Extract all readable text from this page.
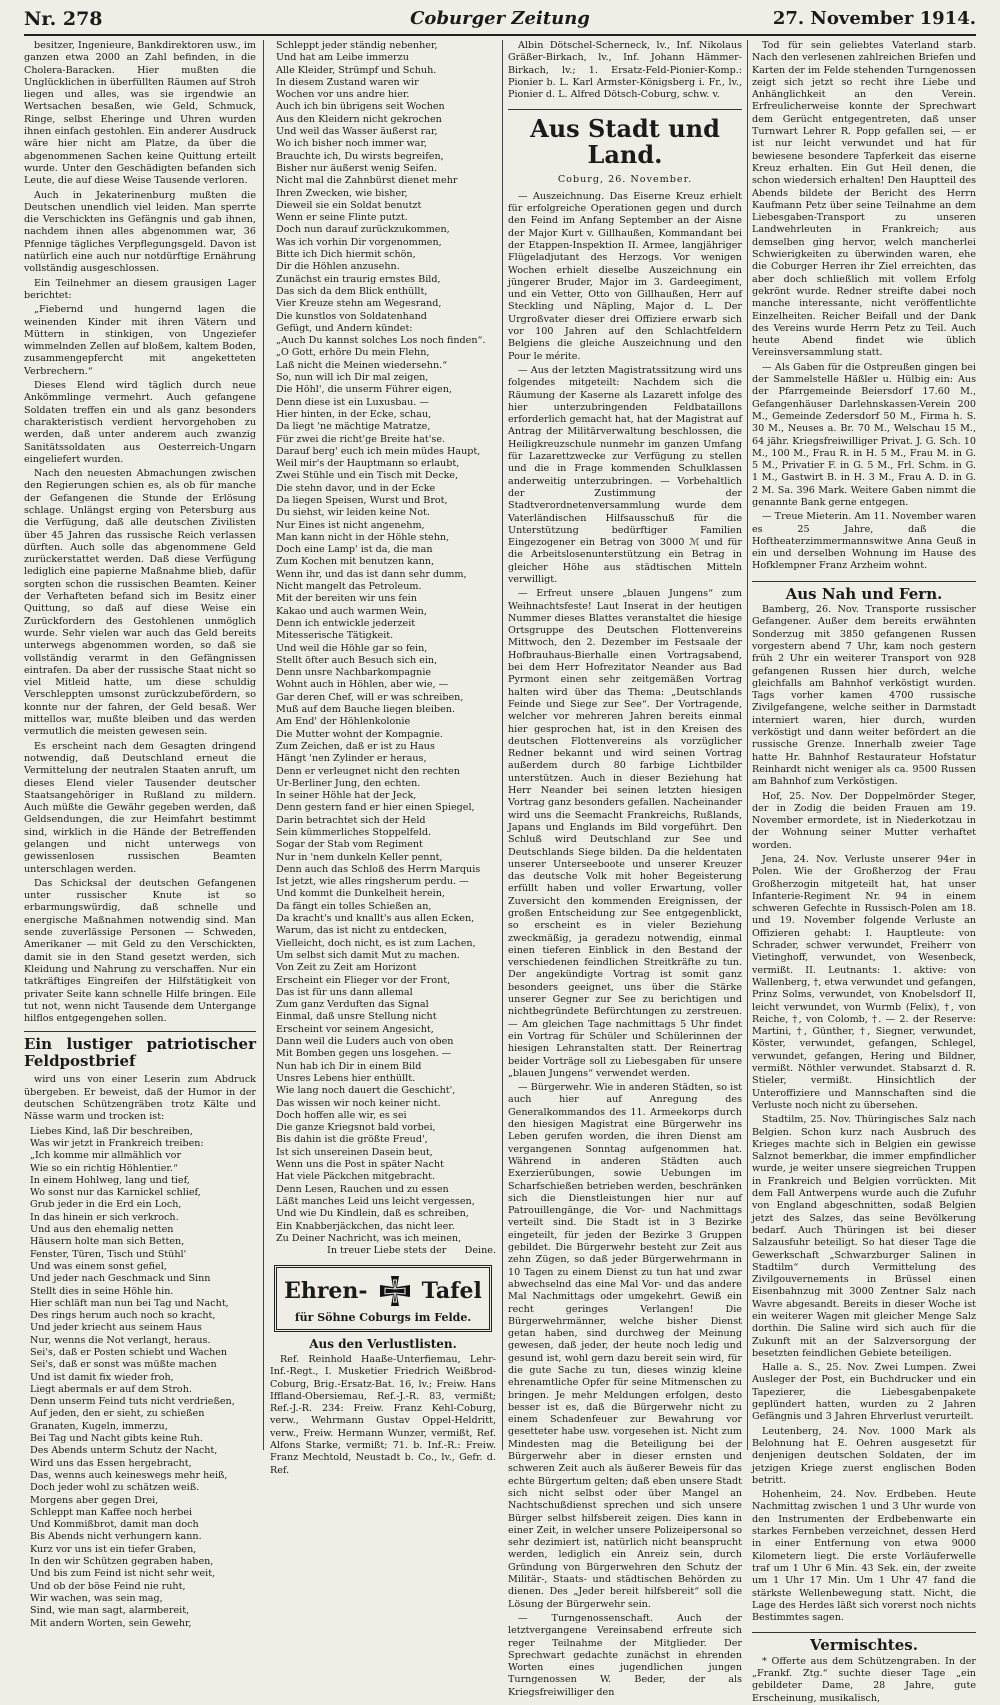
Nr. 278	Coburger Zeitung	27. November 1914.

besitzer, Ingenieure, Bankdirektoren usw., im ganzen etwa 2000 an Zahl befinden, in die Cholera-Baracken. Hier mußten die Unglücklichen in überfüllten Räumen auf Stroh liegen und alles, was sie irgendwie an Wertsachen besaßen, wie Geld, Schmuck, Ringe, selbst Eheringe und Uhren wurden ihnen einfach gestohlen. Ein anderer Ausdruck wäre hier nicht am Platze, da über die abgenommenen Sachen keine Quittung erteilt wurde. Unter den Geschädigten befanden sich Leute, die auf diese Weise Tausende verloren.

Auch in Jekaterinenburg mußten die Deutschen unendlich viel leiden. Man sperrte die Verschickten ins Gefängnis und gab ihnen, nachdem ihnen alles abgenommen war, 36 Pfennige tägliches Verpflegungsgeld. Davon ist natürlich eine auch nur notdürftige Ernährung vollständig ausgeschlossen.

Ein Teilnehmer an diesem grausigen Lager berichtet:

„Fiebernd und hungernd lagen die weinenden Kinder mit ihren Vätern und Müttern in stinkigen, von Ungeziefer wimmelnden Zellen auf bloßem, kaltem Boden, zusammengepfercht mit angeketteten Verbrechern.“

Dieses Elend wird täglich durch neue Ankömmlinge vermehrt. Auch gefangene Soldaten treffen ein und als ganz besonders charakteristisch verdient hervorgehoben zu werden, daß unter anderem auch zwanzig Sanitätssoldaten aus Oesterreich-Ungarn eingeliefert wurden.

Nach den neuesten Abmachungen zwischen den Regierungen schien es, als ob für manche der Gefangenen die Stunde der Erlösung schlage. Unlängst erging von Petersburg aus die Verfügung, daß alle deutschen Zivilisten über 45 Jahren das russische Reich verlassen dürften. Auch solle das abgenommene Geld zurückerstattet werden. Daß diese Verfügung lediglich eine papierne Maßnahme blieb, dafür sorgten schon die russischen Beamten. Keiner der Verhafteten befand sich im Besitz einer Quittung, so daß auf diese Weise ein Zurückfordern des Gestohlenen unmöglich wurde. Sehr vielen war auch das Geld bereits unterwegs abgenommen worden, so daß sie vollständig verarmt in den Gefängnissen eintrafen. Da aber der russische Staat nicht so viel Mitleid hatte, um diese schuldig Verschleppten umsonst zurückzubefördern, so konnte nur der fahren, der Geld besaß. Wer mittellos war, mußte bleiben und das werden vermutlich die meisten gewesen sein.

Es erscheint nach dem Gesagten dringend notwendig, daß Deutschland erneut die Vermittelung der neutralen Staaten anruft, um dieses Elend vieler Tausender deutscher Staatsangehöriger in Rußland zu mildern. Auch müßte die Gewähr gegeben werden, daß Geldsendungen, die zur Heimfahrt bestimmt sind, wirklich in die Hände der Betreffenden gelangen und nicht unterwegs von gewissenlosen russischen Beamten unterschlagen werden.

Das Schicksal der deutschen Gefangenen unter russischer Knute ist so erbarmungswürdig, daß schnelle und energische Maßnahmen notwendig sind. Man sende zuverlässige Personen — Schweden, Amerikaner — mit Geld zu den Verschickten, damit sie in den Stand gesetzt werden, sich Kleidung und Nahrung zu verschaffen. Nur ein tatkräftiges Eingreifen der Hilfstätigkeit von privater Seite kann schnelle Hilfe bringen. Eile tut not, wenn nicht Tausende dem Untergange hilflos entgegengehen sollen.

Ein lustiger patriotischer Feldpostbrief

wird uns von einer Leserin zum Abdruck übergeben. Er beweist, daß der Humor in der deutschen Schützengräben trotz Kälte und Nässe warm und trocken ist:

Liebes Kind, laß Dir beschreiben,

Was wir jetzt in Frankreich treiben:

„Ich komme mir allmählich vor

Wie so ein richtig Höhlentier.“

In einem Hohlweg, lang und tief,

Wo sonst nur das Karnickel schlief,

Grub jeder in die Erd ein Loch,

In das hinein er sich verkroch.

Und aus den ehemalig netten

Häusern holte man sich Betten,

Fenster, Türen, Tisch und Stühl'

Und was einem sonst gefiel,

Und jeder nach Geschmack und Sinn

Stellt dies in seine Höhle hin.

Hier schläft man nun bei Tag und Nacht,

Des rings herum auch noch so kracht,

Und jeder kriecht aus seinem Haus

Nur, wenns die Not verlangt, heraus.

Sei's, daß er Posten schiebt und Wachen

Sei's, daß er sonst was müßte machen

Und ist damit fix wieder froh,

Liegt abermals er auf dem Stroh.

Denn unserm Feind tuts nicht verdrießen,

Auf jeden, den er sieht, zu schießen

Granaten, Kugeln, immerzu,

Bei Tag und Nacht gibts keine Ruh.

Des Abends unterm Schutz der Nacht,

Wird uns das Essen hergebracht,

Das, wenns auch keineswegs mehr heiß,

Doch jeder wohl zu schätzen weiß.

Morgens aber gegen Drei,

Schleppt man Kaffee noch herbei

Und Kommißbrot, damit man doch

Bis Abends nicht verhungern kann.

Kurz vor uns ist ein tiefer Graben,

In den wir Schützen gegraben haben,

Und bis zum Feind ist nicht sehr weit,

Und ob der böse Feind nie ruht,

Wir wachen, was sein mag,

Sind, wie man sagt, alarmbereit,

Mit andern Worten, sein Gewehr,

Schleppt jeder ständig nebenher,

Und hat am Leibe immerzu

Alle Kleider, Strümpf und Schuh.

In diesem Zustand waren wir

Wochen vor uns andre hier.

Auch ich bin übrigens seit Wochen

Aus den Kleidern nicht gekrochen

Und weil das Wasser äußerst rar,

Wo ich bisher noch immer war,

Brauchte ich, Du wirsts begreifen,

Bisher nur äußerst wenig Seifen.

Nicht mal die Zahnbürst dienet mehr

Ihren Zwecken, wie bisher,

Dieweil sie ein Soldat benutzt

Wenn er seine Flinte putzt.

Doch nun darauf zurückzukommen,

Was ich vorhin Dir vorgenommen,

Bitte ich Dich hiermit schön,

Dir die Höhlen anzusehn.

Zunächst ein traurig ernstes Bild,

Das sich da dem Blick enthüllt,

Vier Kreuze stehn am Wegesrand,

Die kunstlos von Soldatenhand

Gefügt, und Andern kündet:

„Auch Du kannst solches Los noch finden“.

„O Gott, erhöre Du mein Flehn,

Laß nicht die Meinen wiedersehn.“

So, nun will ich Dir mal zeigen,

Die Höhl', die unserm Führer eigen,

Denn diese ist ein Luxusbau. —

Hier hinten, in der Ecke, schau,

Da liegt 'ne mächtige Matratze,

Für zwei die richt'ge Breite hat'se.

Darauf berg' euch ich mein müdes Haupt,

Weil mir's der Hauptmann so erlaubt,

Zwei Stühle und ein Tisch mit Decke,

Die stehn davor, und in der Ecke

Da liegen Speisen, Wurst und Brot,

Du siehst, wir leiden keine Not.

Nur Eines ist nicht angenehm,

Man kann nicht in der Höhle stehn,

Doch eine Lamp' ist da, die man

Zum Kochen mit benutzen kann,

Wenn ihr, und das ist dann sehr dumm,

Nicht mangelt das Petroleum.

Mit der bereiten wir uns fein

Kakao und auch warmen Wein,

Denn ich entwickle jederzeit

Mitesserische Tätigkeit.

Und weil die Höhle gar so fein,

Stellt öfter auch Besuch sich ein,

Denn unsre Nachbarkompagnie

Wohnt auch in Höhlen, aber wie, —

Gar deren Chef, will er was schreiben,

Muß auf dem Bauche liegen bleiben.

Am End' der Höhlenkolonie

Die Mutter wohnt der Kompagnie.

Zum Zeichen, daß er ist zu Haus

Hängt 'nen Zylinder er heraus,

Denn er verleugnet nicht den rechten

Ur-Berliner Jung, den echten.

In seiner Höhle hat der Jeck,

Denn gestern fand er hier einen Spiegel,

Darin betrachtet sich der Held

Sein kümmerliches Stoppelfeld.

Sogar der Stab vom Regiment

Nur in 'nem dunkeln Keller pennt,

Denn auch das Schloß des Herrn Marquis

Ist jetzt, wie alles ringsherum perdu. —

Und kommt die Dunkelheit herein,

Da fängt ein tolles Schießen an,

Da kracht's und knallt's aus allen Ecken,

Warum, das ist nicht zu entdecken,

Vielleicht, doch nicht, es ist zum Lachen,

Um selbst sich damit Mut zu machen.

Von Zeit zu Zeit am Horizont

Erscheint ein Flieger vor der Front,

Das ist für uns dann allemal

Zum ganz Verduften das Signal

Einmal, daß unsre Stellung nicht

Erscheint vor seinem Angesicht,

Dann weil die Luders auch von oben

Mit Bomben gegen uns losgehen. —

Nun hab ich Dir in einem Bild

Unsres Lebens hier enthüllt.

Wie lang noch dauert die Geschicht',

Das wissen wir noch keiner nicht.

Doch hoffen alle wir, es sei

Die ganze Kriegsnot bald vorbei,

Bis dahin ist die größte Freud',

Ist sich unsereinen Dasein beut,

Wenn uns die Post in später Nacht

Hat viele Päckchen mitgebracht.

Denn Lesen, Rauchen und zu essen

Läßt manches Leid uns leicht vergessen,

Und wie Du Kindlein, daß es schreiben,

Ein Knabberjäckchen, das nicht leer.

Zu Deiner Nachricht, was ich meinen,

In treuer Liebe stets der Deine.

Ehren- Tafel
für Söhne Coburgs im Felde.
Aus den Verlustlisten.

Ref. Reinhold Haaße-Unterfiemau, Lehr-Inf.-Regt., I. Musketier Friedrich Weißbrod-Coburg, Brig.-Ersatz-Bat. 16, lv.; Freiw. Hans Iffland-Obersiemau, Ref.-J.-R. 83, vermißt; Ref.-J.-R. 234: Freiw. Franz Kehl-Coburg, verw., Wehrmann Gustav Oppel-Heldritt, verw., Freiw. Hermann Wunzer, vermißt, Ref. Alfons Starke, vermißt; 71. b. Inf.-R.: Freiw. Franz Mechtold, Neustadt b. Co., lv., Gefr. d. Ref.

Albin Dötschel-Scherneck, lv., Inf. Nikolaus Gräßer-Birkach, lv., Inf. Johann Hämmer-Birkach, lv.; 1. Ersatz-Feld-Pionier-Komp.: Pionier b. L. Karl Armster-Königsberg i. Fr., lv., Pionier d. L. Alfred Dötsch-Coburg, schw. v.

Aus Stadt und Land.

Coburg, 26. November.

— Auszeichnung. Das Eiserne Kreuz erhielt für erfolgreiche Operationen gegen und durch den Feind im Anfang September an der Aisne der Major Kurt v. Gillhaußen, Kommandant bei der Etappen-Inspektion II. Armee, langjähriger Flügeladjutant des Herzogs. Vor wenigen Wochen erhielt dieselbe Auszeichnung ein jüngerer Bruder, Major im 3. Gardeegiment, und ein Vetter, Otto von Gillhaußen, Herr auf Steckling und Näpling, Major d. L. Der Urgroßvater dieser drei Offiziere erwarb sich vor 100 Jahren auf den Schlachtfeldern Belgiens die gleiche Auszeichnung und den Pour le mérite.

— Aus der letzten Magistratssitzung wird uns folgendes mitgeteilt: Nachdem sich die Räumung der Kaserne als Lazarett infolge des hier unterzubringenden Feldbataillons erforderlich gemacht hat, hat der Magistrat auf Antrag der Militärverwaltung beschlossen, die Heiligkreuzschule nunmehr im ganzen Umfang für Lazarettzwecke zur Verfügung zu stellen und die in Frage kommenden Schulklassen anderweitig unterzubringen. — Vorbehaltlich der Zustimmung der Stadtverordnetenversammlung wurde dem Vaterländischen Hilfsausschuß für die Unterstützung bedürftiger Familien Eingezogener ein Betrag von 3000 ℳ und für die Arbeitslosenunterstützung ein Betrag in gleicher Höhe aus städtischen Mitteln verwilligt.

— Erfreut unsere „blauen Jungens“ zum Weihnachtsfeste! Laut Inserat in der heutigen Nummer dieses Blattes veranstaltet die hiesige Ortsgruppe des Deutschen Flottenvereins Mittwoch, den 2. Dezember im Festsaale der Hofbrauhaus-Bierhalle einen Vortragsabend, bei dem Herr Hofrezitator Neander aus Bad Pyrmont einen sehr zeitgemäßen Vortrag halten wird über das Thema: „Deutschlands Feinde und Siege zur See“. Der Vortragende, welcher vor mehreren Jahren bereits einmal hier gesprochen hat, ist in den Kreisen des deutschen Flottenvereins als vorzüglicher Redner bekannt und wird seinen Vortrag außerdem durch 80 farbige Lichtbilder unterstützen. Auch in dieser Beziehung hat Herr Neander bei seinen letzten hiesigen Vortrag ganz besonders gefallen. Nacheinander wird uns die Seemacht Frankreichs, Rußlands, Japans und Englands im Bild vorgeführt. Den Schluß wird Deutschland zur See und Deutschlands Siege bilden. Da die heldentaten unserer Unterseeboote und unserer Kreuzer das deutsche Volk mit hoher Begeisterung erfüllt haben und voller Erwartung, voller Zuversicht den kommenden Ereignissen, der großen Entscheidung zur See entgegenblickt, so erscheint es in vieler Beziehung zweckmäßig, ja geradezu notwendig, einmal einen tieferen Einblick in den Bestand der verschiedenen feindlichen Streitkräfte zu tun. Der angekündigte Vortrag ist somit ganz besonders geeignet, uns über die Stärke unserer Gegner zur See zu berichtigen und nichtbegründete Befürchtungen zu zerstreuen. — Am gleichen Tage nachmittags 5 Uhr findet ein Vortrag für Schüler und Schülerinnen der hiesigen Lehranstalten statt. Der Reinertrag beider Vorträge soll zu Liebesgaben für unsere „blauen Jungens“ verwendet werden.

— Bürgerwehr. Wie in anderen Städten, so ist auch hier auf Anregung des Generalkommandos des 11. Armeekorps durch den hiesigen Magistrat eine Bürgerwehr ins Leben gerufen worden, die ihren Dienst am vergangenen Sonntag aufgenommen hat. Während in anderen Städten auch Exerzierübungen, sowie Uebungen im Scharfschießen betrieben werden, beschränken sich die Dienstleistungen hier nur auf Patrouillengänge, die Vor- und Nachmittags verteilt sind. Die Stadt ist in 3 Bezirke eingeteilt, für jeden der Bezirke 3 Gruppen gebildet. Die Bürgerwehr besteht zur Zeit aus zehn Zügen, so daß jeder Bürgerwehrmann in 10 Tagen zu einem Dienst zu tun hat und zwar abwechselnd das eine Mal Vor- und das andere Mal Nachmittags oder umgekehrt. Gewiß ein recht geringes Verlangen! Die Bürgerwehrmänner, welche bisher Dienst getan haben, sind durchweg der Meinung gewesen, daß jeder, der heute noch ledig und gesund ist, wohl gern dazu bereit sein wird, für die gute Sache zu tun, dieses winzig kleine ehrenamtliche Opfer für seine Mitmenschen zu bringen. Je mehr Meldungen erfolgen, desto besser ist es, daß die Bürgerwehr nicht zu einem Schadenfeuer zur Bewahrung vor gesetteter habe usw. vorgesehen ist. Nicht zum Mindesten mag die Beteiligung bei der Bürgerwehr aber in dieser ernsten und schweren Zeit auch als äußerer Beweis für das echte Bürgertum gelten; daß eben unsere Stadt sich nicht selbst oder über Mangel an Nachtschußdienst sprechen und sich unsere Bürger selbst hilfsbereit zeigen. Dies kann in einer Zeit, in welcher unsere Polizeipersonal so sehr dezimiert ist, natürlich nicht beansprucht werden, lediglich ein Anreiz sein, durch Gründung von Bürgerwehren den Schutz der Militär-, Staats- und städtischen Behörden zu dienen. Des „Jeder bereit hilfsbereit“ soll die Lösung der Bürgerwehr sein.

— Turngenossenschaft. Auch der letztvergangene Vereinsabend erfreute sich reger Teilnahme der Mitglieder. Der Sprechwart gedachte zunächst in ehrenden Worten eines jugendlichen jungen Turngenossen W. Beder, der als Kriegsfreiwilliger den

Tod für sein geliebtes Vaterland starb. Nach den verlesenen zahlreichen Briefen und Karten der im Felde stehenden Turngenossen zeigt sich jetzt so recht ihre Liebe und Anhänglichkeit an den Verein. Erfreulicherweise konnte der Sprechwart dem Gerücht entgegentreten, daß unser Turnwart Lehrer R. Popp gefallen sei, — er ist nur leicht verwundet und hat für bewiesene besondere Tapferkeit das eiserne Kreuz erhalten. Ein Gut Heil denen, die schon wiedersich erhalten! Den Hauptteil des Abends bildete der Bericht des Herrn Kaufmann Petz über seine Teilnahme an dem Liebesgaben-Transport zu unseren Landwehrleuten in Frankreich; aus demselben ging hervor, welch mancherlei Schwierigkeiten zu überwinden waren, ehe die Coburger Herren ihr Ziel erreichten, das aber doch schließlich mit vollem Erfolg gekrönt wurde. Redner streifte dabei noch manche interessante, nicht veröffentlichte Einzelheiten. Reicher Beifall und der Dank des Vereins wurde Herrn Petz zu Teil. Auch heute Abend findet wie üblich Vereinsversammlung statt.

— Als Gaben für die Ostpreußen gingen bei der Sammelstelle Häßler u. Hülbig ein: Aus der Pfarrgemeinde Beiersdorf 17.60 M., Gefangenhäuser Darlehnskassen-Verein 200 M., Gemeinde Zedersdorf 50 M., Firma h. S. 30 M., Neuses a. Br. 70 M., Welschau 15 M., 64 jähr. Kriegsfreiwilliger Privat. J. G. Sch. 10 M., 100 M., Frau R. in H. 5 M., Frau M. in G. 5 M., Privatier F. in G. 5 M., Frl. Schm. in G. 1 M., Gastwirt B. in H. 3 M., Frau A. D. in G. 2 M. Sa. 396 Mark. Weitere Gaben nimmt die genannte Bank gerne entgegen.

— Treue Mieterin. Am 11. November waren es 25 Jahre, daß die Hoftheaterzimmermannswitwe Anna Geuß in ein und derselben Wohnung im Hause des Hofklempner Franz Arzheim wohnt.

Aus Nah und Fern.

Bamberg, 26. Nov. Transporte russischer Gefangener. Außer dem bereits erwähnten Sonderzug mit 3850 gefangenen Russen vorgestern abend 7 Uhr, kam noch gestern früh 2 Uhr ein weiterer Transport von 928 gefangenen Russen hier durch, welche gleichfalls am Bahnhof verköstigt wurden. Tags vorher kamen 4700 russische Zivilgefangene, welche seither in Darmstadt interniert waren, hier durch, wurden verköstigt und dann weiter befördert an die russische Grenze. Innerhalb zweier Tage hatte Hr. Bahnhof Restaurateur Hofstatur Reinhardt nicht weniger als ca. 9500 Russen am Bahnhof zum Verköstigen.

Hof, 25. Nov. Der Doppelmörder Steger, der in Zodig die beiden Frauen am 19. November ermordete, ist in Niederkotzau in der Wohnung seiner Mutter verhaftet worden.

Jena, 24. Nov. Verluste unserer 94er in Polen. Wie der Großherzog der Frau Großherzogin mitgeteilt hat, hat unser Infanterie-Regiment Nr. 94 in einem schweren Gefechte in Russisch-Polen am 18. und 19. November folgende Verluste an Offizieren gehabt: I. Hauptleute: von Schrader, schwer verwundet, Freiherr von Vietinghoff, verwundet, von Wesenbeck, vermißt. II. Leutnants: 1. aktive: von Wallenberg, †, etwa verwundet und gefangen, Prinz Solms, verwundet, von Knobelsdorf II, leicht verwundet, von Wurmb (Felix), †, von Reiche, †, von Colomb, †. — 2. der Reserve: Martini, †, Günther, †, Siegner, verwundet, Köster, verwundet, gefangen, Schlegel, verwundet, gefangen, Hering und Bildner, vermißt. Nöthler verwundet. Stabsarzt d. R. Stieler, vermißt. Hinsichtlich der Unteroffiziere und Mannschaften sind die Verluste noch nicht zu übersehen.

Stadtilm, 25. Nov. Thüringisches Salz nach Belgien. Schon kurz nach Ausbruch des Krieges machte sich in Belgien ein gewisse Salznot bemerkbar, die immer empfindlicher wurde, je weiter unsere siegreichen Truppen in Frankreich und Belgien vorrückten. Mit dem Fall Antwerpens wurde auch die Zufuhr von England abgeschnitten, sodaß Belgien jetzt des Salzes, das seine Bevölkerung bedarf. Auch Thüringen ist bei dieser Salzausfuhr beteiligt. So hat dieser Tage die Gewerkschaft „Schwarzburger Salinen in Stadtilm“ durch Vermittelung des Zivilgouvernements in Brüssel einen Eisenbahnzug mit 3000 Zentner Salz nach Wavre abgesandt. Bereits in dieser Woche ist ein weiterer Wagen mit gleicher Menge Salz dorthin. Die Saline wird sich auch für die Zukunft mit an der Salzversorgung der besetzten feindlichen Gebiete beteiligen.

Halle a. S., 25. Nov. Zwei Lumpen. Zwei Ausleger der Post, ein Buchdrucker und ein Tapezierer, die Liebesgabenpakete geplündert hatten, wurden zu 2 Jahren Gefängnis und 3 Jahren Ehrverlust verurteilt.

Leutenberg, 24. Nov. 1000 Mark als Belohnung hat E. Oehren ausgesetzt für denjenigen deutschen Soldaten, der im jetzigen Kriege zuerst englischen Boden betritt.

Hohenheim, 24. Nov. Erdbeben. Heute Nachmittag zwischen 1 und 3 Uhr wurde von den Instrumenten der Erdbebenwarte ein starkes Fernbeben verzeichnet, dessen Herd in einer Entfernung von etwa 9000 Kilometern liegt. Die erste Vorläuferwelle traf um 1 Uhr 6 Min. 43 Sek. ein, der zweite um 1 Uhr 17 Min. Um 1 Uhr 47 fand die stärkste Wellenbewegung statt. Nicht, die Lage des Herdes läßt sich vorerst noch nichts Bestimmtes sagen.

Vermischtes.

* Offerte aus dem Schützengraben. In der „Frankf. Ztg.“ suchte dieser Tage „ein gebildeter Dame, 28 Jahre, gute Erscheinung, musikalisch,
